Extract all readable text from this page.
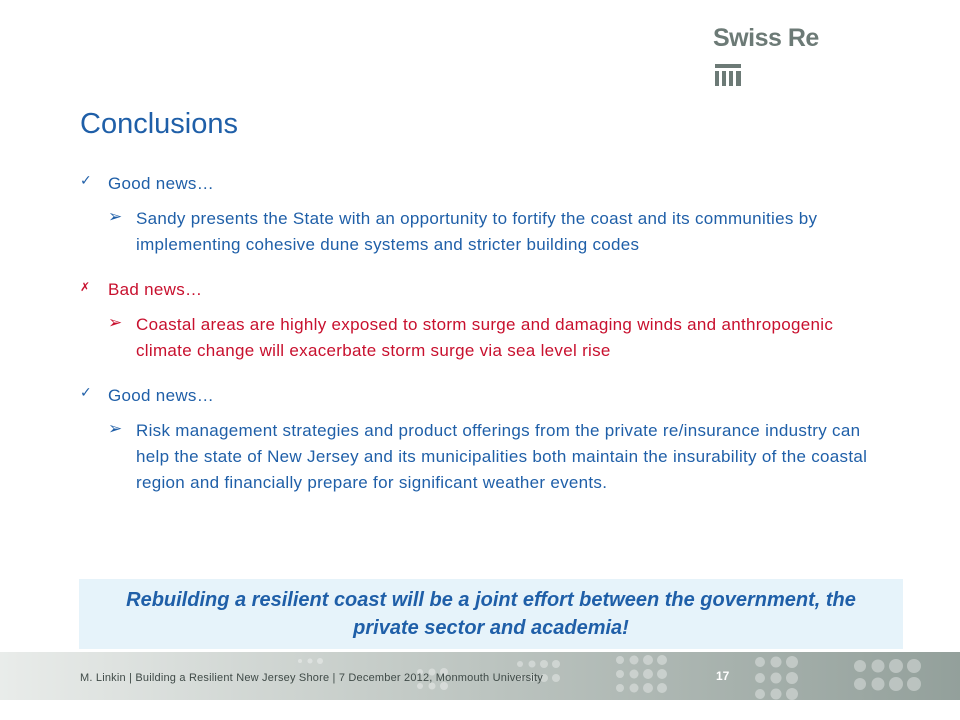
Swiss Re
Conclusions
✓ Good news…
➢ Sandy presents the State with an opportunity to fortify the coast and its communities by implementing cohesive dune systems and stricter building codes
✗ Bad news…
➢ Coastal areas are highly exposed to storm surge and damaging winds and anthropogenic climate change will exacerbate storm surge via sea level rise
✓ Good news…
➢ Risk management strategies and product offerings from the private re/insurance industry can help the state of New Jersey and its municipalities both maintain the insurability of the coastal region and financially prepare for significant weather events.
Rebuilding a resilient coast will be a joint effort between the government, the private sector and academia!
M. Linkin | Building a Resilient New Jersey Shore | 7 December 2012, Monmouth University	17
